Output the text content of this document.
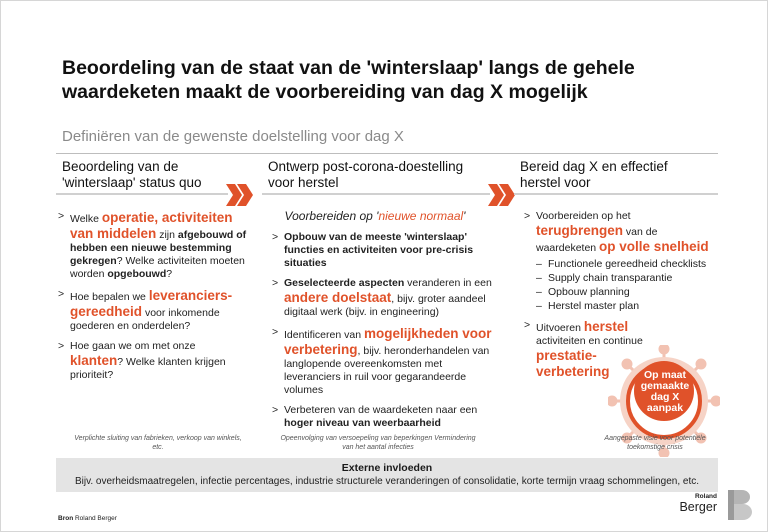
Beoordeling van de staat van de 'winterslaap' langs de gehele waardeketen maakt de voorbereiding van dag X mogelijk
Definiëren van de gewenste doelstelling voor dag X
Beoordeling van de 'winterslaap' status quo
> Welke operatie, activiteiten van middelen zijn afgebouwd of hebben een nieuwe bestemming gekregen? Welke activiteiten moeten worden opgebouwd?
> Hoe bepalen we leveranciers-gereedheid voor inkomende goederen en onderdelen?
> Hoe gaan we om met onze klanten? Welke klanten krijgen prioriteit?
Verplichte sluiting van fabrieken, verkoop van winkels, etc.
Ontwerp post-corona-doestelling voor herstel
Voorbereiden op 'nieuwe normaal'
> Opbouw van de meeste 'winterslaap' functies en activiteiten voor pre-crisis situaties
> Geselecteerde aspecten veranderen in een andere doelstaat, bijv. groter aandeel digitaal werk (bijv. in engineering)
> Identificeren van mogelijkheden voor verbetering, bijv. heronderhandelen van langlopende overeenkomsten met leveranciers in ruil voor gegarandeerde volumes
> Verbeteren van de waardeketen naar een hoger niveau van weerbaarheid
Opeenvolging van versoepeling van beperkingen Vermindering van het aantal infecties
Bereid dag X en effectief herstel voor
Op maat gemaakte dag X aanpak
> Voorbereiden op het terugbrengen van de waardeketen op volle snelheid
– Functionele gereedheid checklists
– Supply chain transparantie
– Opbouw planning
– Herstel master plan
> Uitvoeren herstel activiteiten en continue prestatie-verbetering
Aangepaste visie voor potentiële toekomstige crisis
Externe invloeden
Bijv. overheidsmaatregelen, infectie percentages, industrie structurele veranderingen of consolidatie, korte termijn vraag schommelingen, etc.
Bron Roland Berger
Roland
Berger
